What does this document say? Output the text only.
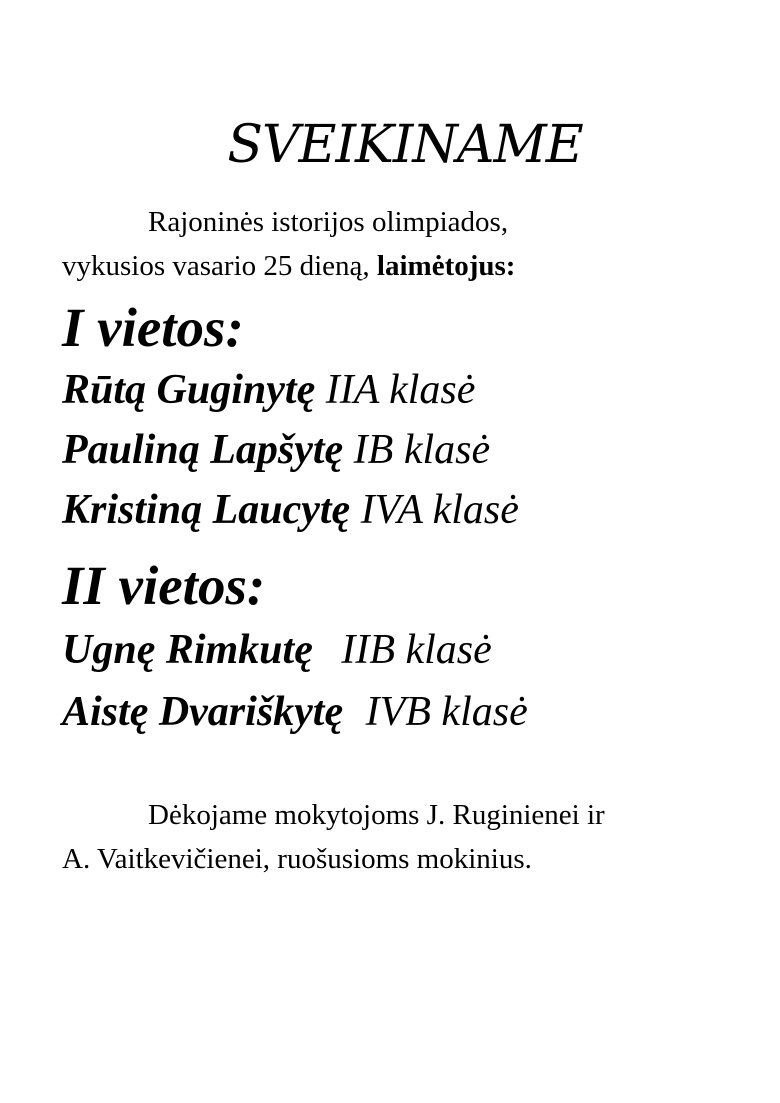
SVEIKINAME

Rajoninės istorijos olimpiados,
vykusios vasario 25 dieną, laimėtojus:

I vietos:
Rūtą Guginytę IIA klasė
Pauliną Lapšytę IB klasė
Kristiną Laucytę IVA klasė
II vietos:
Ugnę Rimkutę IIB klasė
Aistę Dvariškytę IVB klasė

Dėkojame mokytojoms J. Ruginienei ir
A. Vaitkevičienei, ruošusioms mokinius.
